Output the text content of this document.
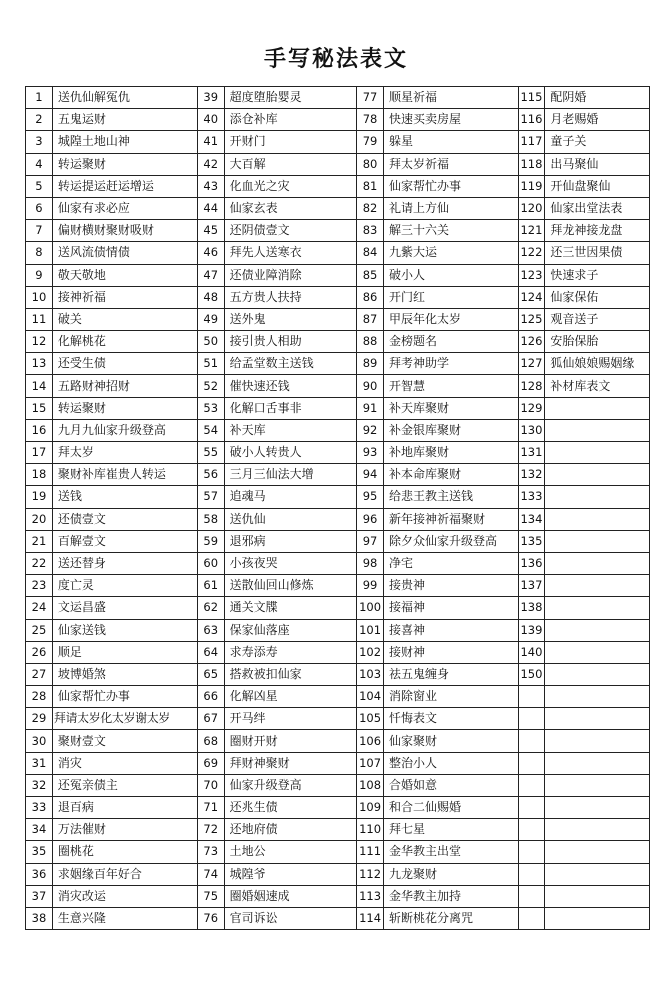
手写秘法表文
1	送仇仙解冤仇	39	超度堕胎婴灵	77	顺星祈福	115	配阴婚
2	五鬼运财	40	添仓补库	78	快速买卖房屋	116	月老赐婚
3	城隍土地山神	41	开财门	79	躲星	117	童子关
4	转运聚财	42	大百解	80	拜太岁祈福	118	出马聚仙
5	转运提运赶运增运	43	化血光之灾	81	仙家帮忙办事	119	开仙盘聚仙
6	仙家有求必应	44	仙家玄表	82	礼请上方仙	120	仙家出堂法表
7	偏财横财聚财吸财	45	还阴债壹文	83	解三十六关	121	拜龙神接龙盘
8	送风流债情债	46	拜先人送寒衣	84	九紫大运	122	还三世因果债
9	敬天敬地	47	还债业障消除	85	破小人	123	快速求子
10	接神祈福	48	五方贵人扶持	86	开门红	124	仙家保佑
11	破关	49	送外鬼	87	甲辰年化太岁	125	观音送子
12	化解桃花	50	接引贵人相助	88	金榜题名	126	安胎保胎
13	还受生债	51	给孟堂数主送钱	89	拜考神助学	127	狐仙娘娘赐姻缘
14	五路财神招财	52	催快速还钱	90	开智慧	128	补材库表文
15	转运聚财	53	化解口舌事非	91	补天库聚财	129	
16	九月九仙家升级登高	54	补天库	92	补金银库聚财	130	
17	拜太岁	55	破小人转贵人	93	补地库聚财	131	
18	聚财补库崔贵人转运	56	三月三仙法大增	94	补本命库聚财	132	
19	送钱	57	追魂马	95	给悲王教主送钱	133	
20	还债壹文	58	送仇仙	96	新年接神祈福聚财	134	
21	百解壹文	59	退邪病	97	除夕众仙家升级登高	135	
22	送还替身	60	小孩夜哭	98	净宅	136	
23	度亡灵	61	送散仙回山修炼	99	接贵神	137	
24	文运昌盛	62	通关文牒	100	接福神	138	
25	仙家送钱	63	保家仙落座	101	接喜神	139	
26	顺足	64	求寿添寿	102	接财神	140	
27	坡博婚煞	65	搭救被扣仙家	103	祛五鬼缠身	150	
28	仙家帮忙办事	66	化解凶星	104	消除窗业		
29	拜请太岁化太岁谢太岁	67	开马绊	105	忏悔表文		
30	聚财壹文	68	圈财开财	106	仙家聚财		
31	消灾	69	拜财神聚财	107	整治小人		
32	还冤亲债主	70	仙家升级登高	108	合婚如意		
33	退百病	71	还兆生债	109	和合二仙赐婚		
34	万法催财	72	还地府债	110	拜七星		
35	圈桃花	73	土地公	111	金华教主出堂		
36	求姻缘百年好合	74	城隍爷	112	九龙聚财		
37	消灾改运	75	圈婚姻速成	113	金华教主加持		
38	生意兴隆	76	官司诉讼	114	斩断桃花分离咒		
